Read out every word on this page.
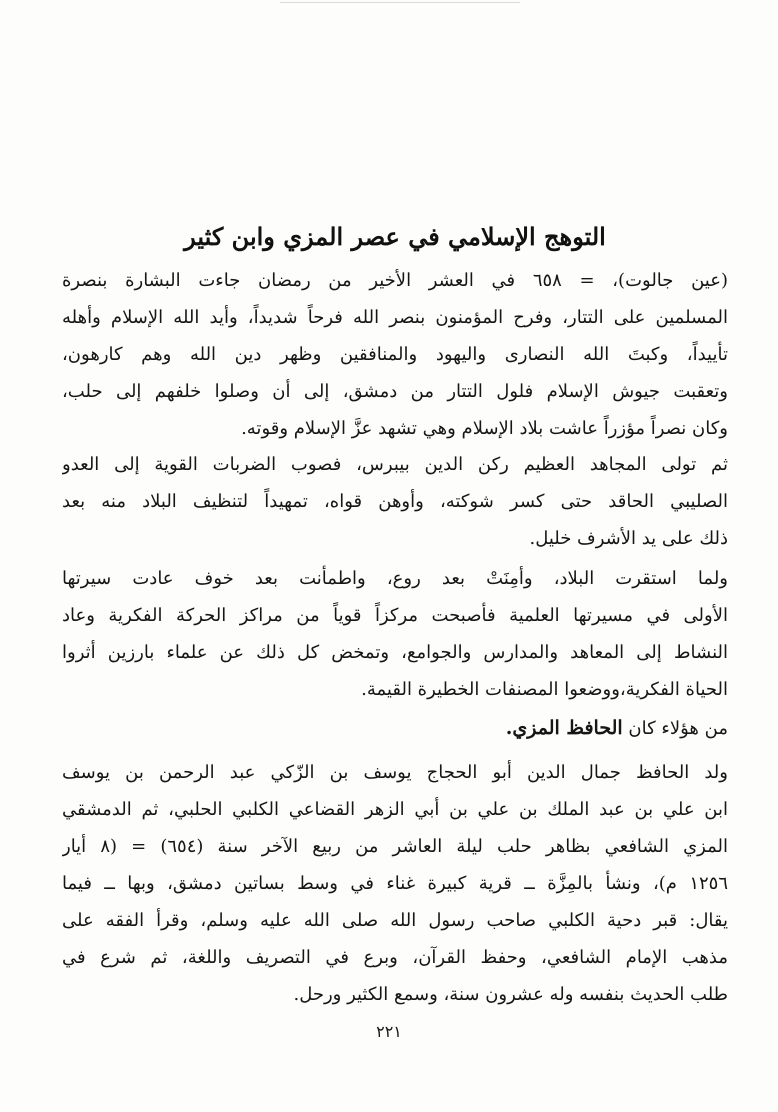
التوهج الإسلامي في عصر المزي وابن كثير
(عين جالوت)، = ٦٥٨ في العشر الأخير من رمضان جاءت البشارة بنصرة
المسلمين على التتار، وفرح المؤمنون بنصر الله فرحاً شديداً، وأيد الله الإسلام وأهله
تأييداً، وكبتَ الله النصارى واليهود والمنافقين وظهر دين الله وهم كارهون،
وتعقبت جيوش الإسلام فلول التتار من دمشق، إلى أن وصلوا خلفهم إلى حلب،
وكان نصراً مؤزراً عاشت بلاد الإسلام وهي تشهد عزَّ الإسلام وقوته.
ثم تولى المجاهد العظيم ركن الدين بيبرس، فصوب الضربات القوية إلى العدو
الصليبي الحاقد حتى كسر شوكته، وأوهن قواه، تمهيداً لتنظيف البلاد منه بعد
ذلك على يد الأشرف خليل.
ولما استقرت البلاد، وأمِنَتْ بعد روع، واطمأنت بعد خوف عادت سيرتها
الأولى في مسيرتها العلمية فأصبحت مركزاً قوياً من مراكز الحركة الفكرية وعاد
النشاط إلى المعاهد والمدارس والجوامع، وتمخض كل ذلك عن علماء بارزين أثروا
الحياة الفكرية،ووضعوا المصنفات الخطيرة القيمة.
من هؤلاء كان الحافظ المزي.
ولد الحافظ جمال الدين أبو الحجاج يوسف بن الزّكي عبد الرحمن بن يوسف
ابن علي بن عبد الملك بن علي بن أبي الزهر القضاعي الكلبي الحلبي، ثم الدمشقي
المزي الشافعي بظاهر حلب ليلة العاشر من ربيع الآخر سنة (٦٥٤) = (٨ أيار
١٢٥٦ م)، ونشأ بالمِزَّة ــ قرية كبيرة غناء في وسط بساتين دمشق، وبها ــ فيما
يقال: قبر دحية الكلبي صاحب رسول الله صلى الله عليه وسلم، وقرأ الفقه على
مذهب الإمام الشافعي، وحفظ القرآن، وبرع في التصريف واللغة، ثم شرع في
طلب الحديث بنفسه وله عشرون سنة، وسمع الكثير ورحل.
٢٢١
